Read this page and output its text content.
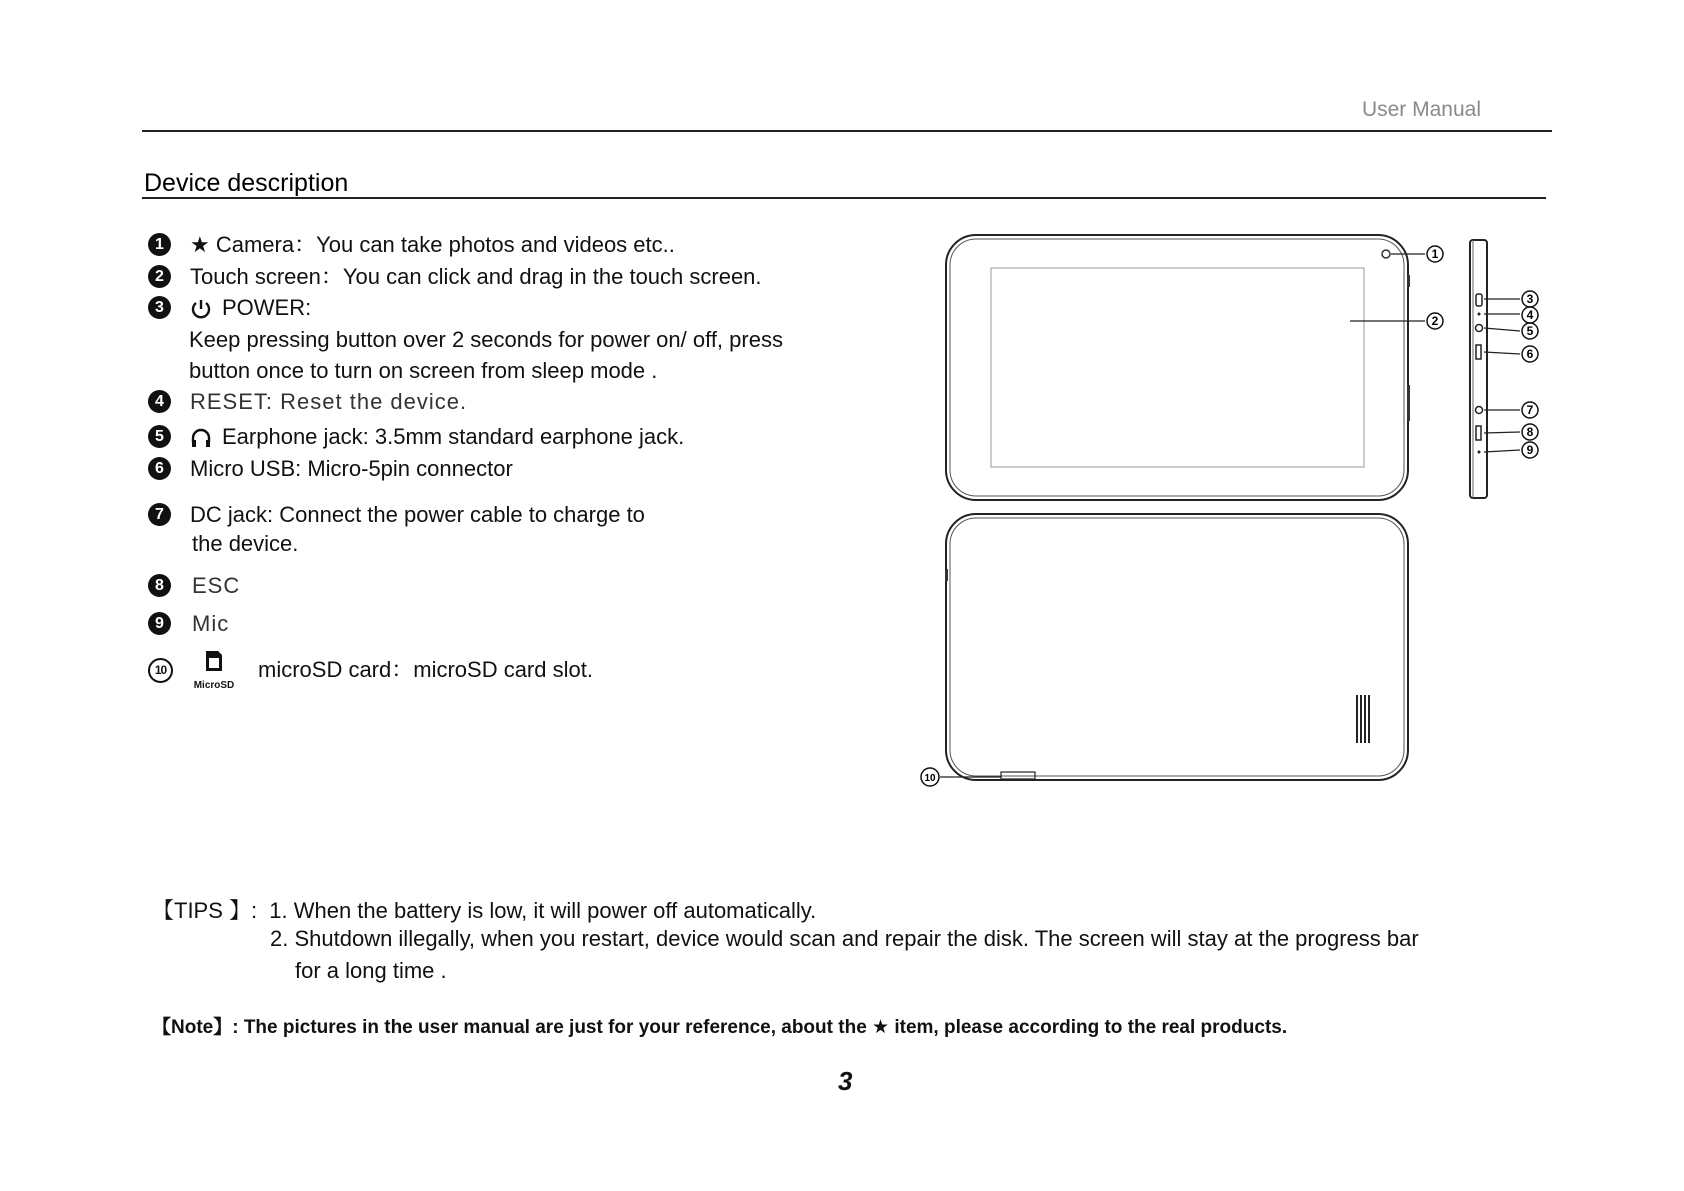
User Manual
Device description
1	★ Camera：You can take photos and videos etc..
2	Touch screen：You can click and drag in the touch screen.
3	POWER:
Keep pressing button over 2 seconds for power on/ off, press
button once to turn on screen from sleep mode .
4	RESET: Reset the device.
5	Earphone jack: 3.5mm standard earphone jack.
6	Micro USB: Micro-5pin connector
7	DC jack: Connect the power cable to charge to
the device.
8	ESC
9	Mic
10
MicroSD
microSD card：microSD card slot.
1
2
3
4
5
6
7
8
9
10
【TIPS 】: 1. When the battery is low, it will power off automatically.
2. Shutdown illegally, when you restart, device would scan and repair the disk. The screen will stay at the progress bar
for a long time .
【Note】: The pictures in the user manual are just for your reference, about the ★ item, please according to the real products.
3
